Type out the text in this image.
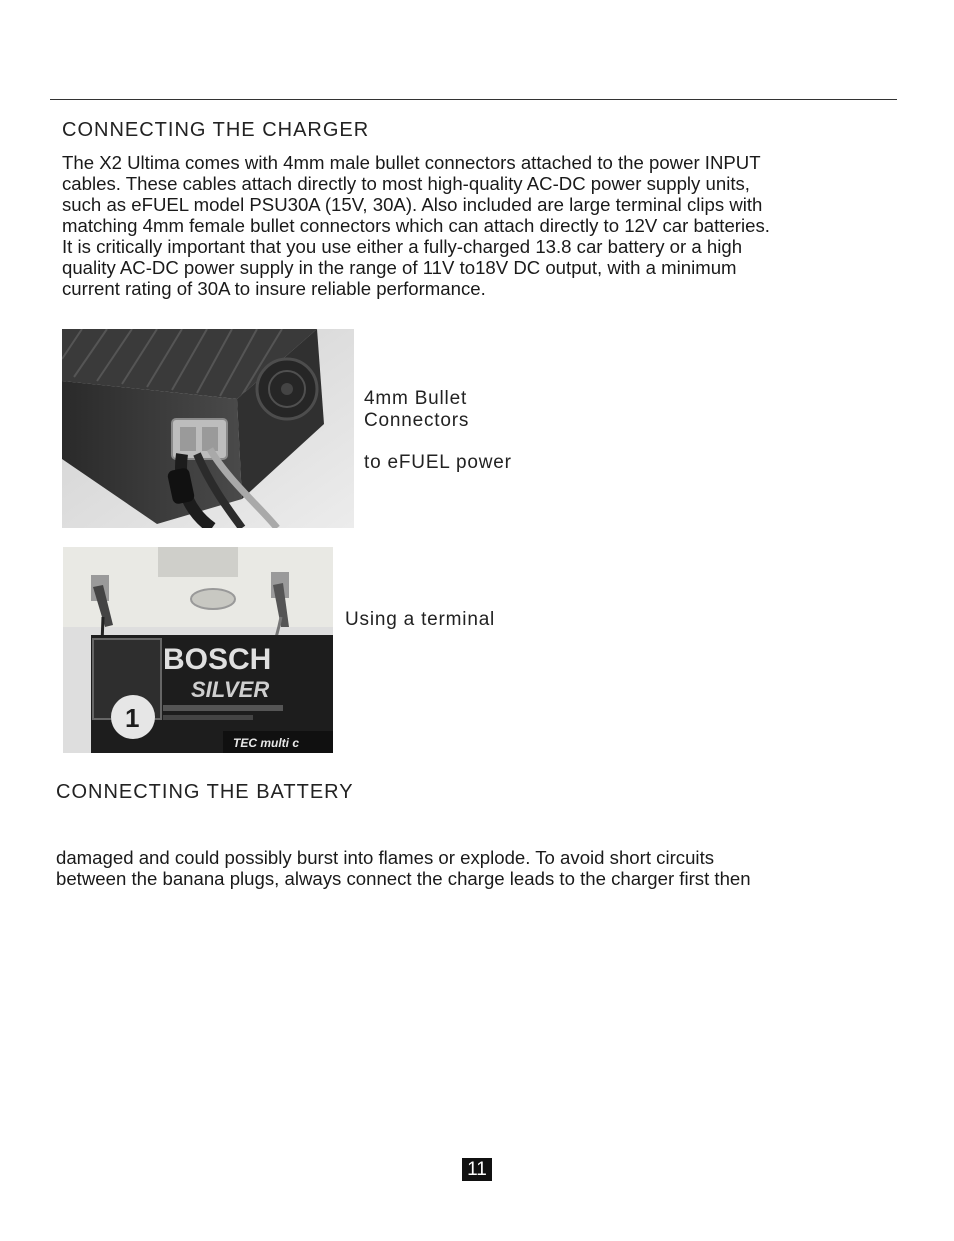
CONNECTING THE CHARGER
The X2 Ultima comes with 4mm male bullet connectors attached to the power INPUT
cables. These cables attach directly to most high-quality AC-DC power supply units,
such as eFUEL model PSU30A (15V, 30A). Also included are large terminal clips with
matching 4mm female bullet connectors which can attach directly to 12V car batteries.
It is critically important that you use either a fully-charged 13.8 car battery or a high
quality AC-DC power supply in the range of 11V to18V DC output, with a minimum
current rating of 30A to insure reliable performance.
4mm Bullet
Connectors
to eFUEL power
1
BOSCH
SILVER
TEC multi c
Using a terminal
CONNECTING THE BATTERY
damaged and could possibly burst into flames or explode. To avoid short circuits
between the banana plugs, always connect the charge leads to the charger first then
11
